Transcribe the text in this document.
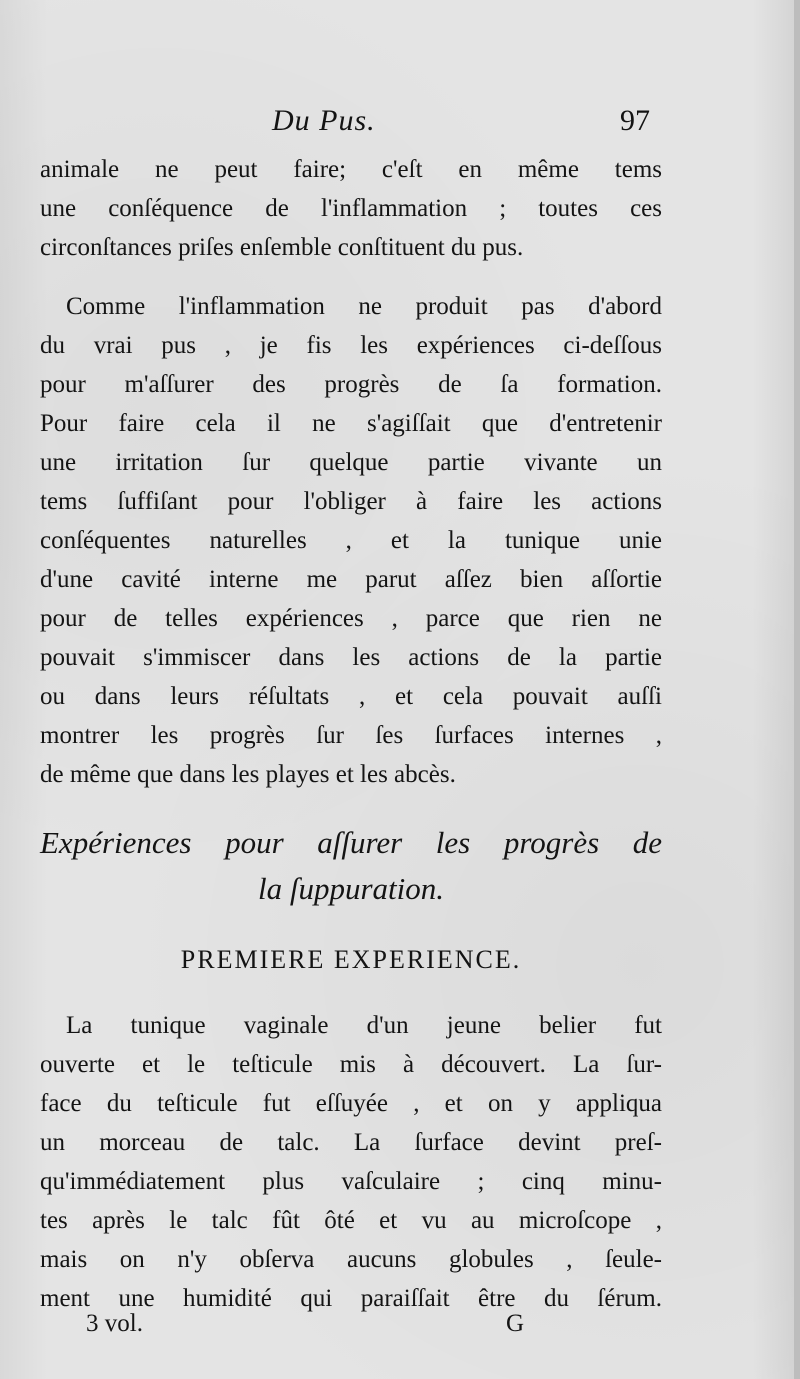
Du Pus.	97
animale ne peut faire; c'eſt en même tems
une conſéquence de l'inflammation ; toutes ces
circonſtances priſes enſemble conſtituent du pus.
Comme l'inflammation ne produit pas d'abord
du vrai pus , je fis les expériences ci-deſſous
pour m'aſſurer des progrès de ſa formation.
Pour faire cela il ne s'agiſſait que d'entretenir
une irritation ſur quelque partie vivante un
tems ſuffiſant pour l'obliger à faire les actions
conſéquentes naturelles , et la tunique unie
d'une cavité interne me parut aſſez bien aſſortie
pour de telles expériences , parce que rien ne
pouvait s'immiscer dans les actions de la partie
ou dans leurs réſultats , et cela pouvait auſſi
montrer les progrès ſur ſes ſurfaces internes ,
de même que dans les playes et les abcès.
Expériences pour aſſurer les progrès de
la ſuppuration.
PREMIERE EXPERIENCE.
La tunique vaginale d'un jeune belier fut
ouverte et le teſticule mis à découvert. La ſur-
face du teſticule fut eſſuyée , et on y appliqua
un morceau de talc. La ſurface devint preſ-
qu'immédiatement plus vaſculaire ; cinq minu-
tes après le talc fût ôté et vu au microſcope ,
mais on n'y obſerva aucuns globules , ſeule-
ment une humidité qui paraiſſait être du ſérum.
3 vol.	G
